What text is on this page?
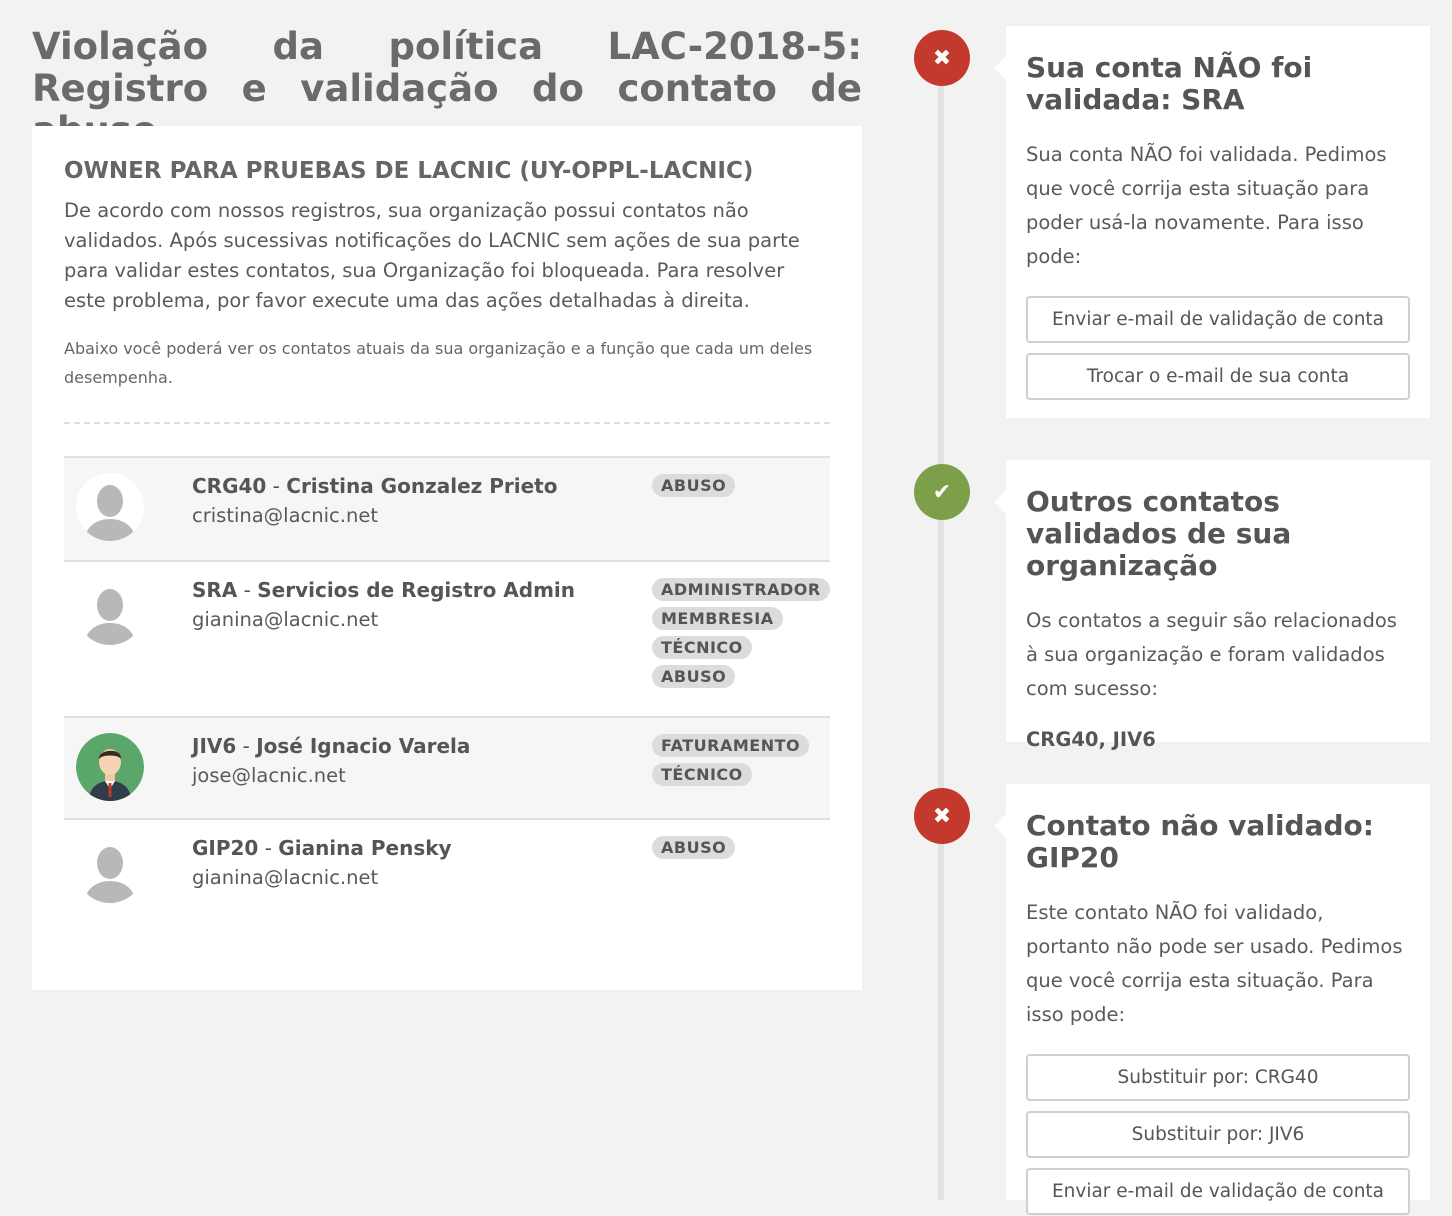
Violação da política LAC-2018-5: Registro e validação do contato de
OWNER PARA PRUEBAS DE LACNIC (UY-OPPL-LACNIC)

De acordo com nossos registros, sua organização possui contatos não validados. Após sucessivas notificações do LACNIC sem ações de sua parte para validar estes contatos, sua Organização foi bloqueada. Para resolver este problema, por favor execute uma das ações detalhadas à direita.

Abaixo você poderá ver os contatos atuais da sua organização e a função que cada um deles desempenha.

CRG40 - Cristina Gonzalez Prieto
cristina@lacnic.net
ABUSO
SRA - Servicios de Registro Admin
gianina@lacnic.net
ADMINISTRADOR
MEMBRESIA
TÉCNICO
ABUSO
JIV6 - José Ignacio Varela
jose@lacnic.net
FATURAMENTO
TÉCNICO
GIP20 - Gianina Pensky
gianina@lacnic.net
ABUSO
✖	Sua conta NÃO foi validada: SRA

Sua conta NÃO foi validada. Pedimos que você corrija esta situação para poder usá-la novamente. Para isso pode:

Enviar e-mail de validação de conta
Trocar o e-mail de sua conta
✔	Outros contatos validados de sua organização

Os contatos a seguir são relacionados à sua organização e foram validados com sucesso:

CRG40, JIV6

✖	Contato não validado: GIP20

Este contato NÃO foi validado, portanto não pode ser usado. Pedimos que você corrija esta situação. Para isso pode:

Substituir por: CRG40
Substituir por: JIV6
Enviar e-mail de validação de conta
